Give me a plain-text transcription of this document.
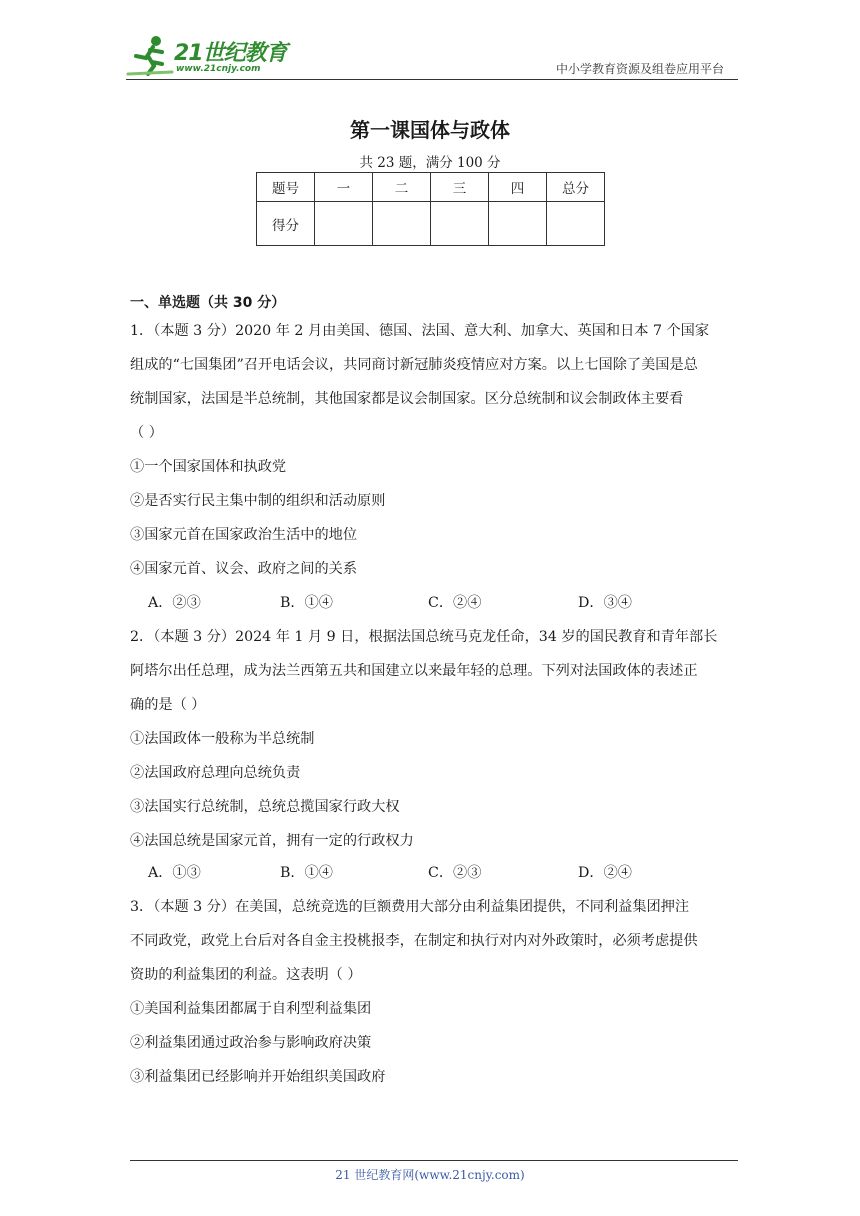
21世纪教育
www.21cnjy.com	中小学教育资源及组卷应用平台
第一课国体与政体
共 23 题，满分 100 分
题号	一	二	三	四	总分
得分					
一、单选题（共 30 分）
1．（本题 3 分）2020 年 2 月由美国、德国、法国、意大利、加拿大、英国和日本 7 个国家
组成的“七国集团”召开电话会议，共同商讨新冠肺炎疫情应对方案。以上七国除了美国是总
统制国家，法国是半总统制，其他国家都是议会制国家。区分总统制和议会制政体主要看
（ ）
①一个国家国体和执政党
②是否实行民主集中制的组织和活动原则
③国家元首在国家政治生活中的地位
④国家元首、议会、政府之间的关系
A．②③	B．①④	C．②④	D．③④
2．（本题 3 分）2024 年 1 月 9 日，根据法国总统马克龙任命，34 岁的国民教育和青年部长
阿塔尔出任总理，成为法兰西第五共和国建立以来最年轻的总理。下列对法国政体的表述正
确的是（ ）
①法国政体一般称为半总统制
②法国政府总理向总统负责
③法国实行总统制，总统总揽国家行政大权
④法国总统是国家元首，拥有一定的行政权力
A．①③	B．①④	C．②③	D．②④
3．（本题 3 分）在美国，总统竞选的巨额费用大部分由利益集团提供，不同利益集团押注
不同政党，政党上台后对各自金主投桃报李，在制定和执行对内对外政策时，必须考虑提供
资助的利益集团的利益。这表明（ ）
①美国利益集团都属于自利型利益集团
②利益集团通过政治参与影响政府决策
③利益集团已经影响并开始组织美国政府
21 世纪教育网(www.21cnjy.com)
